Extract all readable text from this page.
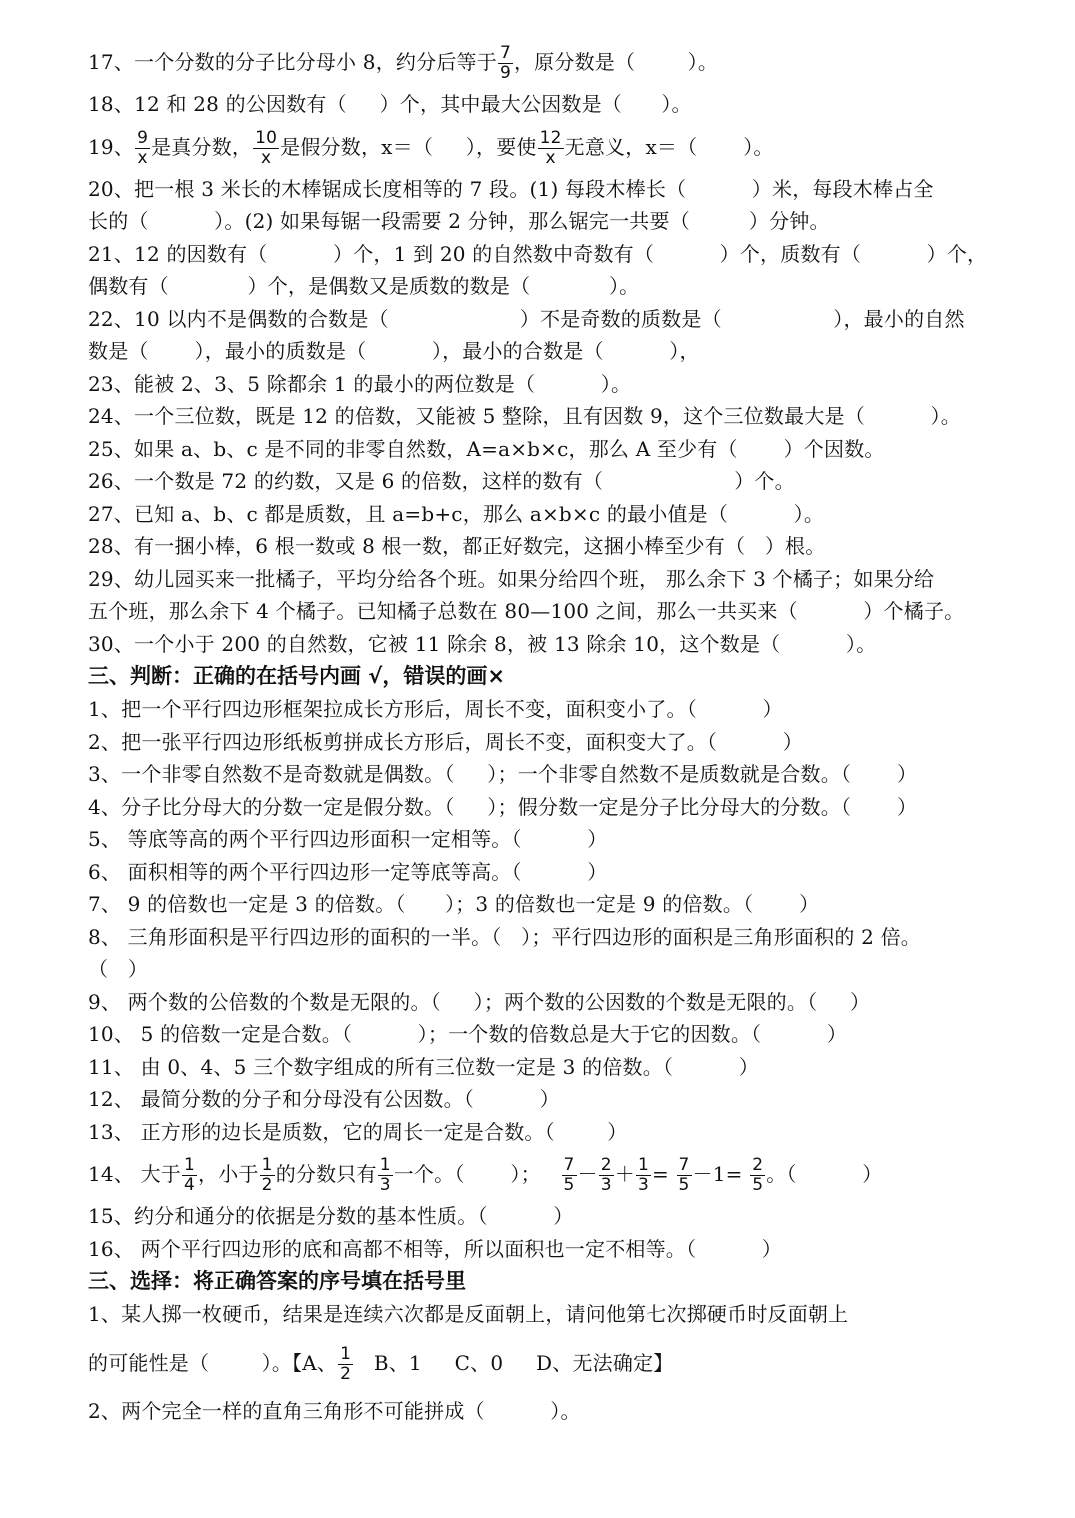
17、一个分数的分子比分母小 8，约分后等于 $\frac{7}{9}$ ，原分数是（        ）。

18、12 和 28 的公因数有（     ）个，其中最大公因数是（      ）。

19、 $\frac{9}{x}$ 是真分数， $\frac{10}{x}$ 是假分数，x＝（     ），要使 $\frac{12}{x}$ 无意义，x＝（       ）。

20、把一根 3 米长的木棒锯成长度相等的 7 段。(1) 每段木棒长（          ）米，每段木棒占全

长的（          ）。(2) 如果每锯一段需要 2 分钟，那么锯完一共要（         ）分钟。

21、12 的因数有（          ）个，1 到 20 的自然数中奇数有（          ）个，质数有（          ）个，

偶数有（            ）个，是偶数又是质数的数是（            ）。

22、10 以内不是偶数的合数是（                    ）不是奇数的质数是（                 ），最小的自然

数是（       ），最小的质数是（          ），最小的合数是（          ），

23、能被 2、3、5 除都余 1 的最小的两位数是（          ）。

24、一个三位数，既是 12 的倍数，又能被 5 整除，且有因数 9，这个三位数最大是（          ）。

25、如果 a、b、c 是不同的非零自然数，A=a×b×c，那么 A 至少有（       ）个因数。

26、一个数是 72 的约数，又是 6 的倍数，这样的数有（                    ）个。

27、已知 a、b、c 都是质数，且 a=b+c，那么 a×b×c 的最小值是（          ）。

28、有一捆小棒，6 根一数或 8 根一数，都正好数完，这捆小棒至少有（   ）根。

29、幼儿园买来一批橘子，平均分给各个班。如果分给四个班， 那么余下 3 个橘子；如果分给

五个班，那么余下 4 个橘子。已知橘子总数在 80—100 之间，那么一共买来（          ）个橘子。

30、一个小于 200 的自然数，它被 11 除余 8，被 13 除余 10，这个数是（          ）。

三、判断：正确的在括号内画 √，错误的画×

1、把一个平行四边形框架拉成长方形后，周长不变，面积变小了。（          ）

2、把一张平行四边形纸板剪拼成长方形后，周长不变，面积变大了。（          ）

3、一个非零自然数不是奇数就是偶数。（     ）；一个非零自然数不是质数就是合数。（       ）

4、分子比分母大的分数一定是假分数。（     ）；假分数一定是分子比分母大的分数。（       ）

5、 等底等高的两个平行四边形面积一定相等。（          ）

6、 面积相等的两个平行四边形一定等底等高。（          ）

7、 9 的倍数也一定是 3 的倍数。（      ）；3 的倍数也一定是 9 的倍数。（       ）

8、 三角形面积是平行四边形的面积的一半。（   ）；平行四边形的面积是三角形面积的 2 倍。

（   ）

9、 两个数的公倍数的个数是无限的。（     ）；两个数的公因数的个数是无限的。（     ）

10、 5 的倍数一定是合数。（          ）；一个数的倍数总是大于它的因数。（          ）

11、 由 0、4、5 三个数字组成的所有三位数一定是 3 的倍数。（          ）

12、 最简分数的分子和分母没有公因数。（          ）

13、 正方形的边长是质数，它的周长一定是合数。（        ）

14、 大于 $\frac{1}{4}$ ，小于 $\frac{1}{2}$ 的分数只有 $\frac{1}{3}$ 一个。（       ）； $\frac{7}{5} - \frac{2}{3} + \frac{1}{3} = \frac{7}{5} -1= \frac{2}{5}$ 。（          ）

15、约分和通分的依据是分数的基本性质。（          ）

16、 两个平行四边形的底和高都不相等，所以面积也一定不相等。（          ）

三、选择：将正确答案的序号填在括号里

1、某人掷一枚硬币，结果是连续六次都是反面朝上，请问他第七次掷硬币时反面朝上

的可能性是（        ）。【A、 $\frac{1}{2}$ B、1     C、0     D、无法确定】

2、两个完全一样的直角三角形不可能拼成（          ）。
